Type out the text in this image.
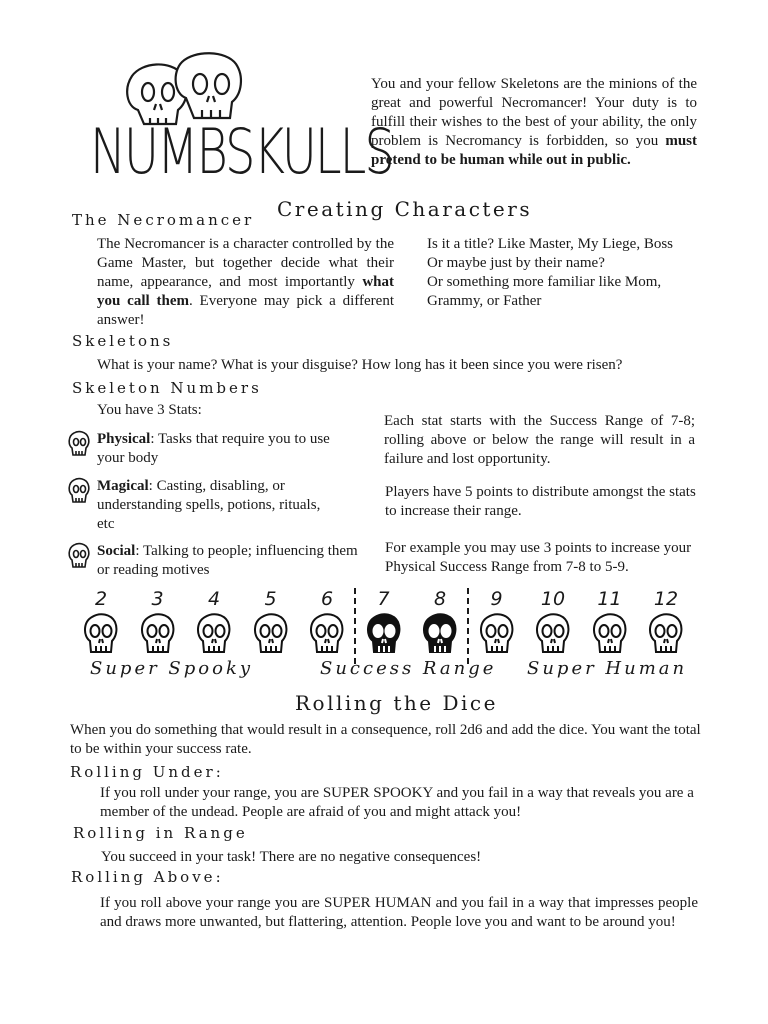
NUMBSKULLS
You and your fellow Skeletons are the minions of the great and powerful Necromancer! Your duty is to fulfill their wishes to the best of your ability, the only problem is Necromancy is forbidden, so you must pretend to be human while out in public.
Creating Characters
The Necromancer
The Necromancer is a character controlled by the Game Master, but together decide what their name, appearance, and most importantly what you call them. Everyone may pick a different answer!
Is it a title? Like Master, My Liege, Boss
Or maybe just by their name?
Or something more familiar like Mom,
Grammy, or Father
Skeletons
What is your name? What is your disguise? How long has it been since you were risen?
Skeleton Numbers
You have 3 Stats:
Physical: Tasks that require you to use your body
Magical: Casting, disabling, or understanding spells, potions, rituals, etc
Social: Talking to people; influencing them or reading motives
Each stat starts with the Success Range of 7-8; rolling above or below the range will result in a failure and lost opportunity.
Players have 5 points to distribute amongst the stats to increase their range.
For example you may use 3 points to increase your Physical Success Range from 7-8 to 5-9.
2	3	4	5	6	7	8	9	10	11	12
Super Spooky	Success Range Super Human
Rolling the Dice
When you do something that would result in a consequence, roll 2d6 and add the dice. You want the total to be within your success rate.
Rolling Under:
If you roll under your range, you are SUPER SPOOKY and you fail in a way that reveals you are a member of the undead. People are afraid of you and might attack you!
Rolling in Range
You succeed in your task! There are no negative consequences!
Rolling Above:
If you roll above your range you are SUPER HUMAN and you fail in a way that impresses people and draws more unwanted, but flattering, attention. People love you and want to be around you!
